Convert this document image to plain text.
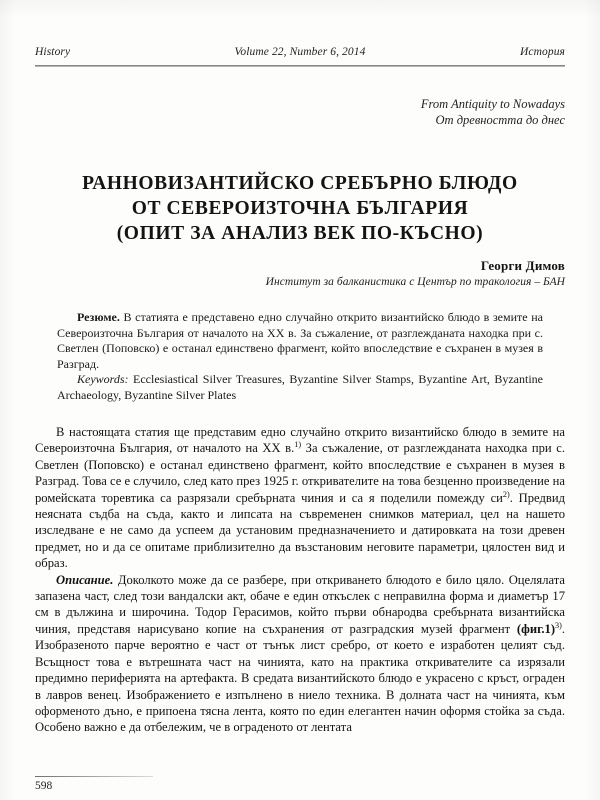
History	Volume 22, Number 6, 2014	История
From Antiquity to Nowadays
От древността до днес
РАННОВИЗАНТИЙСКО СРЕБЪРНО БЛЮДО
ОТ СЕВЕРОИЗТОЧНА БЪЛГАРИЯ
(ОПИТ ЗА АНАЛИЗ ВЕК ПО-КЪСНО)
Георги Димов
Институт за балканистика с Център по тракология – БАН

Резюме. В статията е представено едно случайно открито византийско блюдо в земите на Североизточна България от началото на ХХ в. За съжаление, от разглежданата находка при с. Светлен (Поповско) е останал единствено фрагмент, който впоследствие е съхранен в музея в Разград.

Keywords: Ecclesiastical Silver Treasures, Byzantine Silver Stamps, Byzantine Art, Byzantine Archaeology, Byzantine Silver Plates

В настоящата статия ще представим едно случайно открито византийско блюдо в земите на Североизточна България, от началото на ХХ в.$^{1)}$ За съжаление, от разглежданата находка при с. Светлен (Поповско) е останал единствено фрагмент, който впоследствие е съхранен в музея в Разград. Това се е случило, след като през 1925 г. откривателите на това безценно произведение на ромейската торевтика са разрязали сребърната чиния и са я поделили помежду $си^{2)}$. Предвид неясната съдба на съда, както и липсата на съвременен снимков материал, цел на нашето изследване е не само да успеем да установим предназначението и датировката на този древен предмет, но и да се опитаме приблизително да възстановим неговите параметри, цялостен вид и образ.

Описание. Доколкото може да се разбере, при откриването блюдото е било цяло. Оцелялата запазена част, след този вандалски акт, обаче е един откъслек с неправилна форма и диаметър 17 см в дължина и широчина. Тодор Герасимов, който първи обнародва сребърната византийска чиния, представя нарисувано копие на съхранения от разградския музей фрагмент $(фиг.1)^{3)}$. Изобразеното парче вероятно е част от тънък лист сребро, от което е изработен целият съд. Всъщност това е вътрешната част на чинията, като на практика откривателите са изрязали предимно периферията на артефакта. В средата византийското блюдо е украсено с кръст, ограден в лавров венец. Изображението е изпълнено в ниело техника. В долната част на чинията, към оформеното дъно, е припоена тясна лента, която по един елегантен начин оформя стойка за съда. Особено важно е да отбележим, че в ограденото от лентата

598
